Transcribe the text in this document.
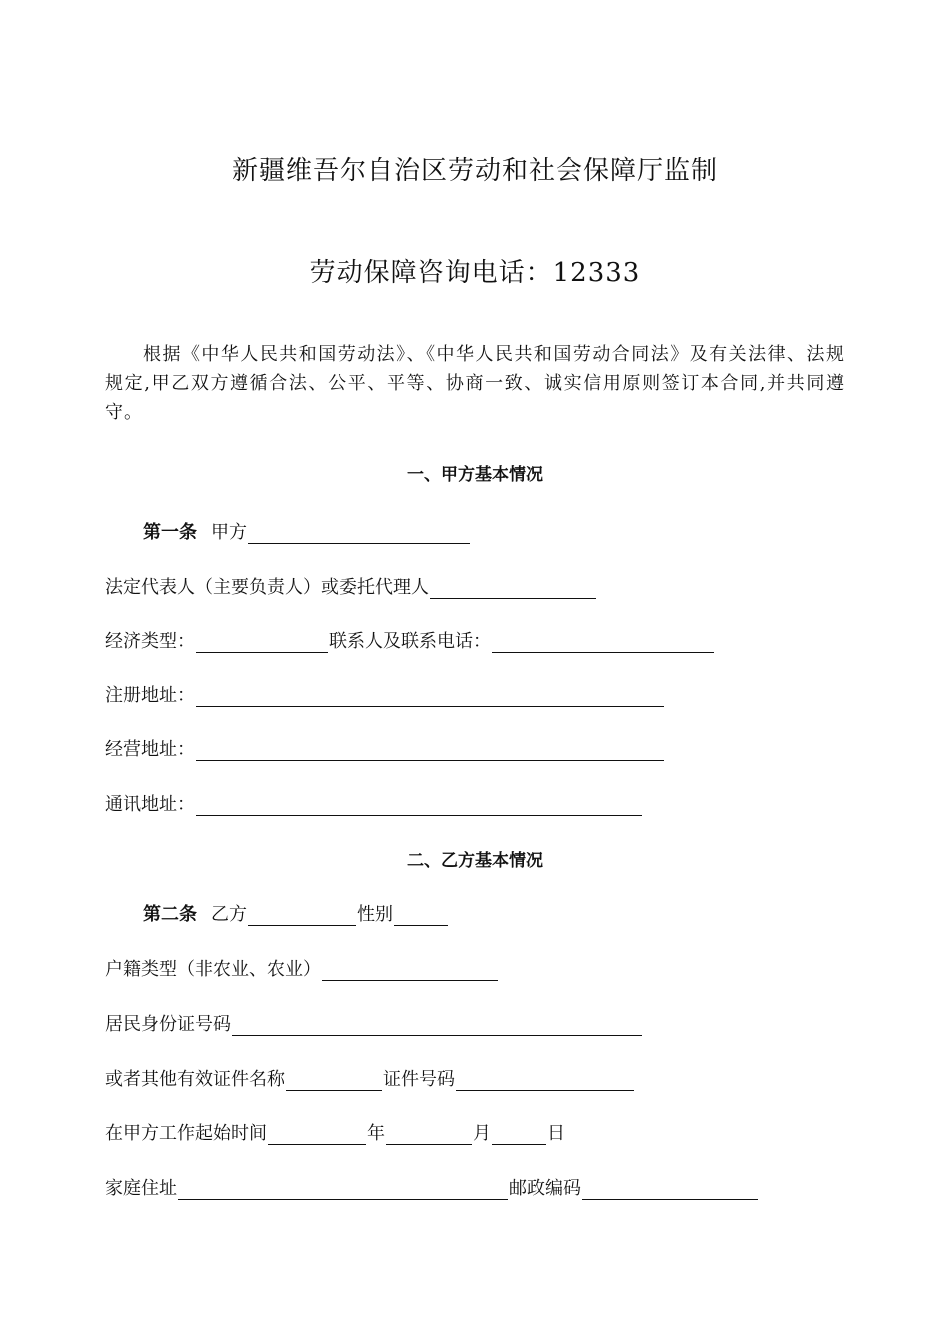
新疆维吾尔自治区劳动和社会保障厅监制
劳动保障咨询电话：12333
根据《中华人民共和国劳动法》、《中华人民共和国劳动合同法》及有关法律、法规规定,甲乙双方遵循合法、公平、平等、协商一致、诚实信用原则签订本合同,并共同遵守。
一、甲方基本情况
第一条 甲方
法定代表人（主要负责人）或委托代理人
经济类型：	联系人及联系电话：
注册地址：
经营地址：
通讯地址：
二、乙方基本情况
第二条 乙方	性别
户籍类型（非农业、农业）
居民身份证号码
或者其他有效证件名称	证件号码
在甲方工作起始时间	年	月	日
家庭住址	邮政编码
